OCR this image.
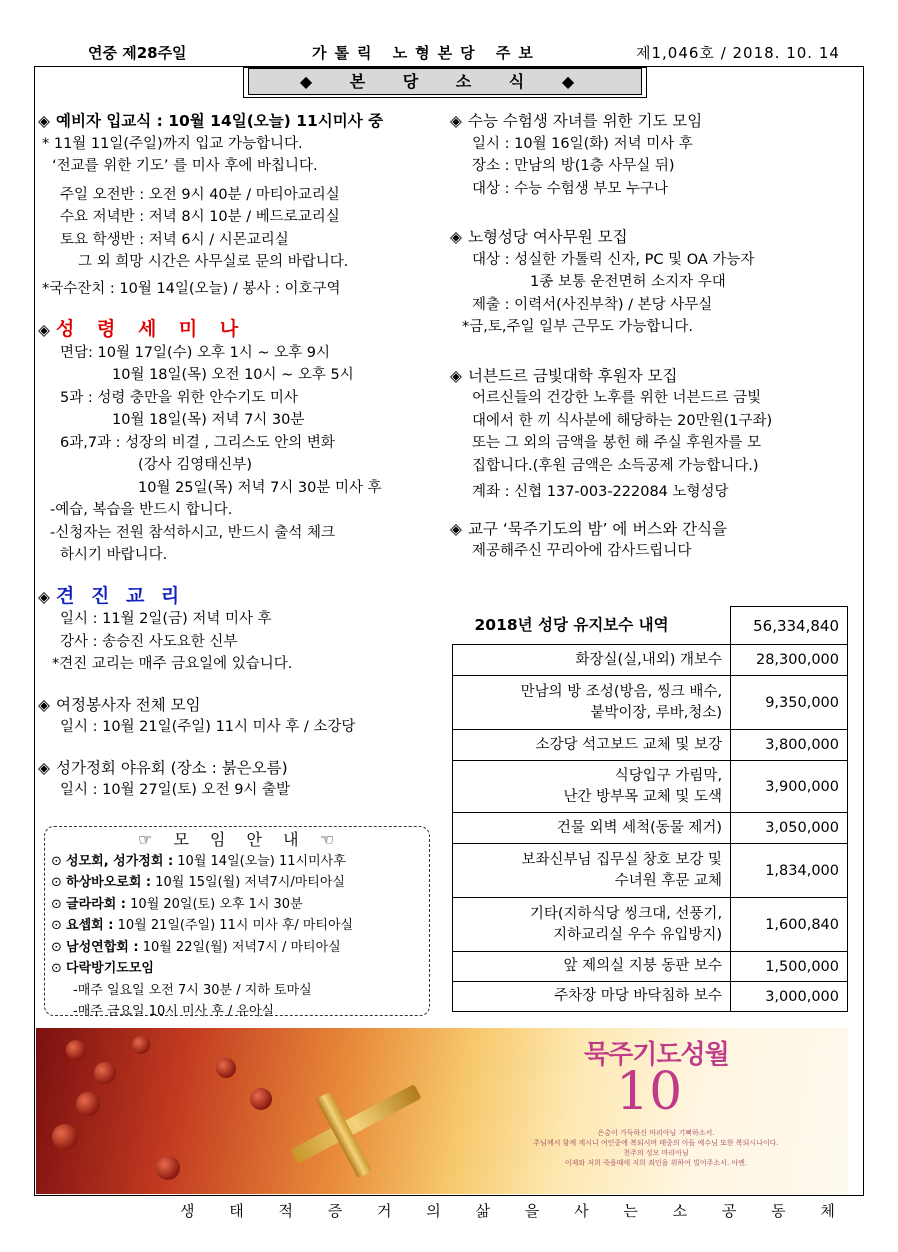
연중 제28주일	가톨릭 노형본당 주보	제1,046호 / 2018. 10. 14
◆ 본 당 소 식 ◆
◈ 예비자 입교식 : 10월 14일(오늘) 11시미사 중
* 11월 11일(주일)까지 입교 가능합니다.
‘전교를 위한 기도’ 를 미사 후에 바칩니다.
주일 오전반 : 오전 9시 40분 / 마티아교리실
수요 저녁반 : 저녁 8시 10분 / 베드로교리실
토요 학생반 : 저녁 6시 / 시몬교리실
그 외 희망 시간은 사무실로 문의 바랍니다.
*국수잔치 : 10월 14일(오늘) / 봉사 : 이호구역
◈ 성 령 세 미 나
면담: 10월 17일(수) 오후 1시 ~ 오후 9시
10월 18일(목) 오전 10시 ~ 오후 5시
5과 : 성령 충만을 위한 안수기도 미사
10월 18일(목) 저녁 7시 30분
6과,7과 : 성장의 비결 , 그리스도 안의 변화
(강사 김영태신부)
10월 25일(목) 저녁 7시 30분 미사 후
-예습, 복습을 반드시 합니다.
-신청자는 전원 참석하시고, 반드시 출석 체크
하시기 바랍니다.
◈ 견 진 교 리
일시 : 11월 2일(금) 저녁 미사 후
강사 : 송승진 사도요한 신부
*견진 교리는 매주 금요일에 있습니다.
◈ 여정봉사자 전체 모임
일시 : 10월 21일(주일) 11시 미사 후 / 소강당
◈ 성가정회 야유회 (장소 : 붉은오름)
일시 : 10월 27일(토) 오전 9시 출발
☞ 모 임 안 내 ☜
⊙ 성모회, 성가정회 : 10월 14일(오늘) 11시미사후
⊙ 하상바오로회 : 10월 15일(월) 저녁7시/마티아실
⊙ 글라라회 : 10월 20일(토) 오후 1시 30분
⊙ 요셉회 : 10월 21일(주일) 11시 미사 후/ 마티아실
⊙ 남성연합회 : 10월 22일(월) 저녁7시 / 마티아실
⊙ 다락방기도모임
-매주 일요일 오전 7시 30분 / 지하 토마실
-매주 금요일 10시 미사 후 / 유아실
◈ 수능 수험생 자녀를 위한 기도 모임
일시 : 10월 16일(화) 저녁 미사 후
장소 : 만남의 방(1층 사무실 뒤)
대상 : 수능 수험생 부모 누구나
◈ 노형성당 여사무원 모집
대상 : 성실한 가톨릭 신자, PC 및 OA 가능자
1종 보통 운전면허 소지자 우대
제출 : 이력서(사진부착) / 본당 사무실
*금,토,주일 일부 근무도 가능합니다.
◈ 너븐드르 금빛대학 후원자 모집
어르신들의 건강한 노후를 위한 너븐드르 금빛
대에서 한 끼 식사분에 해당하는 20만원(1구좌)
또는 그 외의 금액을 봉헌 해 주실 후원자를 모
집합니다.(후원 금액은 소득공제 가능합니다.)
계좌 : 신협 137-003-222084 노형성당
◈ 교구 ‘묵주기도의 밤’ 에 버스와 간식을
제공해주신 꾸리아에 감사드립니다
2018년 성당 유지보수 내역	56,334,840
화장실(실,내외) 개보수	28,300,000
만남의 방 조성(방음, 씽크 배수,
붙박이장, 루바,청소)	9,350,000
소강당 석고보드 교체 및 보강	3,800,000
식당입구 가림막,
난간 방부목 교체 및 도색	3,900,000
건물 외벽 세척(동물 제거)	3,050,000
보좌신부님 집무실 창호 보강 및
수녀원 후문 교체	1,834,000
기타(지하식당 씽크대, 선풍기,
지하교리실 우수 유입방지)	1,600,840
앞 제의실 지붕 동판 보수	1,500,000
주차장 마당 바닥침하 보수	3,000,000
묵주기도성월
10
은총이 가득하신 마리아님 기뻐하소서.
주님께서 함께 계시니 여인중에 복되시며 태중의 아들 예수님 또한 복되시나이다.
천주의 성모 마리아님
이제와 저희 죽을때에 저희 죄인을 위하여 빌어주소서. 아멘.
생 태 적 증 거 의 삶 을 사 는 소 공 동 체
